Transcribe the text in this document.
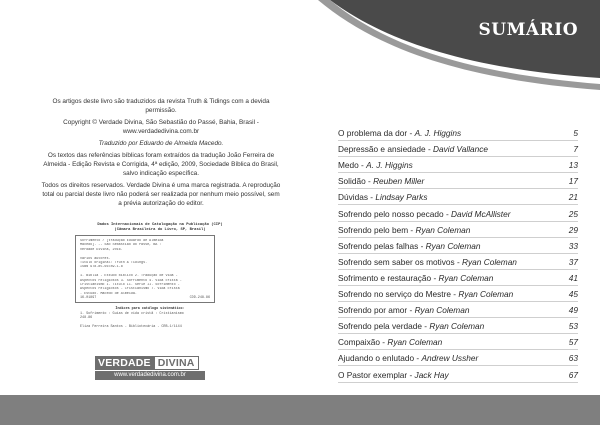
SUMÁRIO

Os artigos deste livro são traduzidos da revista Truth & Tidings com a devida permissão.

Copyright © Verdade Divina, São Sebastião do Passé, Bahia, Brasil - www.verdadedivina.com.br

Traduzido por Eduardo de Almeida Macedo.

Os textos das referências bíblicas foram extraídos da tradução João Ferreira de Almeida - Edição Revista e Corrigida, 4ª edição, 2009, Sociedade Bíblica do Brasil, salvo indicação específica.

Todos os direitos reservados. Verdade Divina é uma marca registrada. A reprodução total ou parcial deste livro não poderá ser realizada por nenhum meio possível, sem a prévia autorização do editor.

Dados Internacionais de Catalogação na Publicação (CIP)
(Câmara Brasileira do Livro, SP, Brasil)
Sofrimento / [tradução Eduardo de Almeida
Macedo]. -- São Sebastião do Passé, BA :
Verdade Divina, 2016.

Vários autores.
Título original: Truth & Tidings.
ISBN 978-85-66789-1-8

1. Bíblia - Estudo bíblico 2. Tradução de vida -
Aspectos religiosos 3. Sofrimento 4. Vida cristã -
Cristianismo I. Título II. Série II. Sofrimento -
Aspectos religiosos - Cristianismo 7. Vida cristã
- Estudo. Macedo de Almeida.
16-01897	CDD-248.86
Índices para catálogo sistemático:
1. Sofrimento : Guias de vida cristã : Cristianismo
248.86

Eliza Ferreira Santos - Bibliotecária - CRB-1/1144
VERDADE DIVINA
www.verdadedivina.com.br
O problema da dor - A. J. Higgins	5
Depressão e ansiedade - David Vallance	7
Medo - A. J. Higgins	13
Solidão - Reuben Miller	17
Dúvidas - Lindsay Parks	21
Sofrendo pelo nosso pecado - David McAllister	25
Sofrendo pelo bem - Ryan Coleman	29
Sofrendo pelas falhas - Ryan Coleman	33
Sofrendo sem saber os motivos - Ryan Coleman	37
Sofrimento e restauração - Ryan Coleman	41
Sofrendo no serviço do Mestre - Ryan Coleman	45
Sofrendo por amor - Ryan Coleman	49
Sofrendo pela verdade - Ryan Coleman	53
Compaixão - Ryan Coleman	57
Ajudando o enlutado - Andrew Ussher	63
O Pastor exemplar - Jack Hay	67
